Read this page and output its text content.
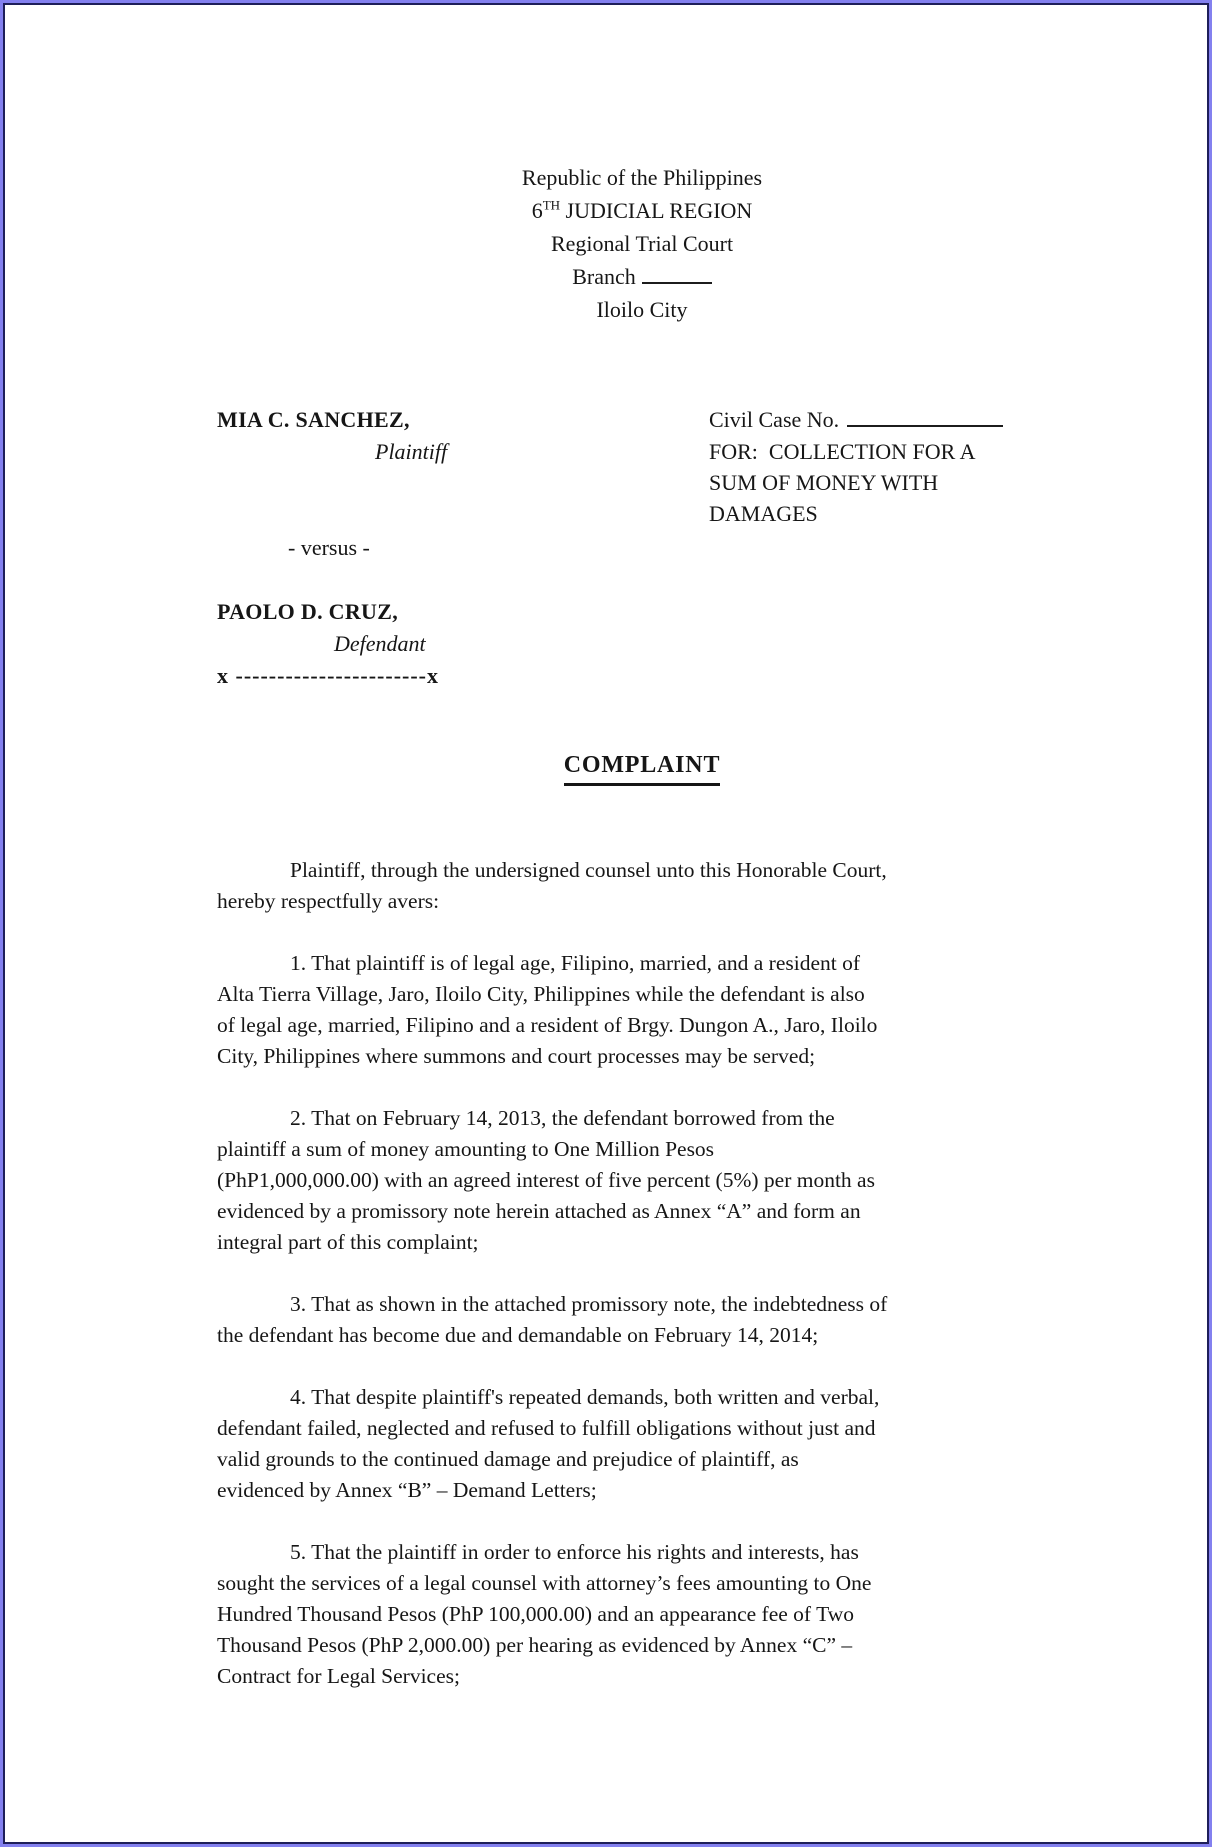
Republic of the Philippines
6TH JUDICIAL REGION
Regional Trial Court
Branch
Iloilo City
MIA C. SANCHEZ,
Plaintiff
- versus -
PAOLO D. CRUZ,
Defendant
x -----------------------x
Civil Case No.
FOR:  COLLECTION FOR A
SUM OF MONEY WITH
DAMAGES
COMPLAINT
Plaintiff, through the undersigned counsel unto this Honorable Court,
hereby respectfully avers:
1. That plaintiff is of legal age, Filipino, married, and a resident of
Alta Tierra Village, Jaro, Iloilo City, Philippines while the defendant is also
of legal age, married, Filipino and a resident of Brgy. Dungon A., Jaro, Iloilo
City, Philippines where summons and court processes may be served;
2. That on February 14, 2013, the defendant borrowed from the
plaintiff a sum of money amounting to One Million Pesos
(PhP1,000,000.00) with an agreed interest of five percent (5%) per month as
evidenced by a promissory note herein attached as Annex “A” and form an
integral part of this complaint;
3. That as shown in the attached promissory note, the indebtedness of
the defendant has become due and demandable on February 14, 2014;
4. That despite plaintiff's repeated demands, both written and verbal,
defendant failed, neglected and refused to fulfill obligations without just and
valid grounds to the continued damage and prejudice of plaintiff, as
evidenced by Annex “B” – Demand Letters;
5. That the plaintiff in order to enforce his rights and interests, has
sought the services of a legal counsel with attorney’s fees amounting to One
Hundred Thousand Pesos (PhP 100,000.00) and an appearance fee of Two
Thousand Pesos (PhP 2,000.00) per hearing as evidenced by Annex “C” –
Contract for Legal Services;
